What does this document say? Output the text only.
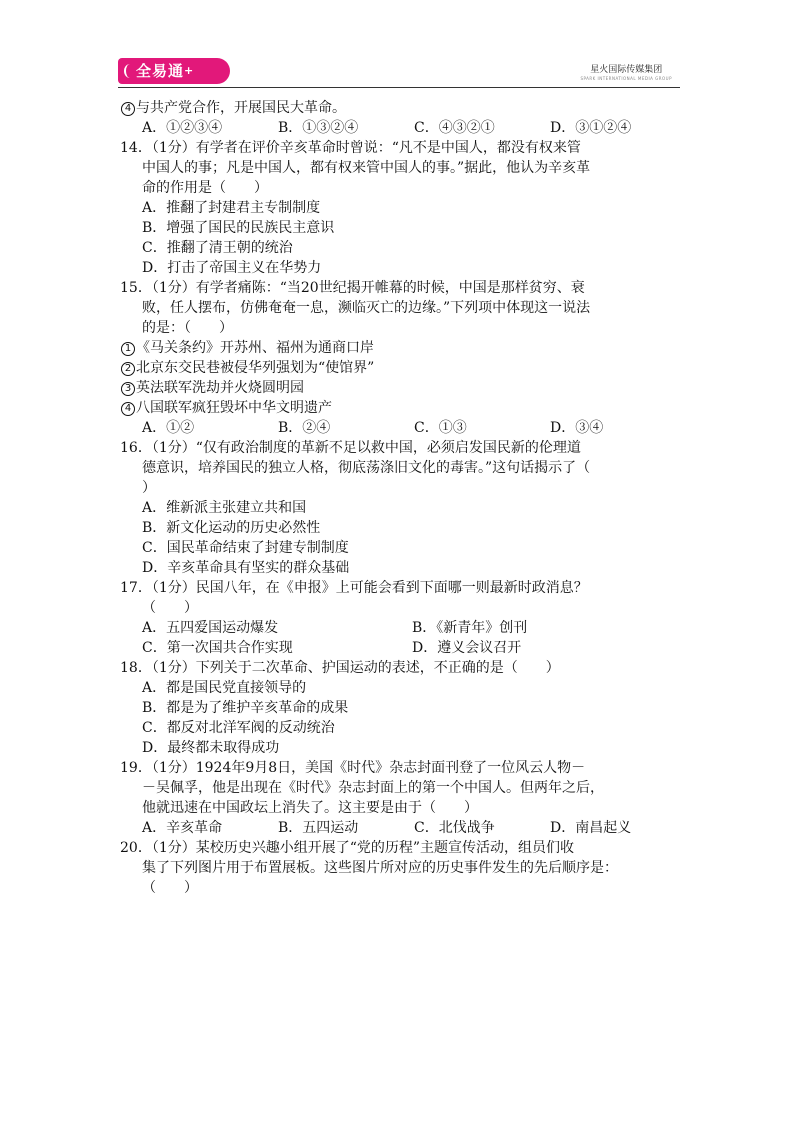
全易通+	星火国际传媒集团
SPARK INTERNATIONAL MEDIA GROUP
4 与共产党合作，开展国民大革命。
A．①②③④	B．①③②④	C．④③②①	D．③①②④
14．（1分）有学者在评价辛亥革命时曾说：“凡不是中国人，都没有权来管
中国人的事；凡是中国人，都有权来管中国人的事。”据此，他认为辛亥革
命的作用是（　　）
A．推翻了封建君主专制制度
B．增强了国民的民族民主意识
C．推翻了清王朝的统治
D．打击了帝国主义在华势力
15．（1分）有学者痛陈：“当20世纪揭开帷幕的时候，中国是那样贫穷、衰
败，任人摆布，仿佛奄奄一息，濒临灭亡的边缘。”下列项中体现这一说法
的是：（　　）
1 《马关条约》开苏州、福州为通商口岸
2 北京东交民巷被侵华列强划为“使馆界”
3 英法联军洗劫并火烧圆明园
4 八国联军疯狂毁坏中华文明遗产
A．①②	B．②④	C．①③	D．③④
16．（1分）“仅有政治制度的革新不足以救中国，必须启发国民新的伦理道
德意识，培养国民的独立人格，彻底荡涤旧文化的毒害。”这句话揭示了（
）
A．维新派主张建立共和国
B．新文化运动的历史必然性
C．国民革命结束了封建专制制度
D．辛亥革命具有坚实的群众基础
17．（1分）民国八年，在《申报》上可能会看到下面哪一则最新时政消息？
（　　）
A．五四爱国运动爆发	B．《新青年》创刊
C．第一次国共合作实现	D．遵义会议召开
18．（1分）下列关于二次革命、护国运动的表述，不正确的是（　　）
A．都是国民党直接领导的
B．都是为了维护辛亥革命的成果
C．都反对北洋军阀的反动统治
D．最终都未取得成功
19．（1分）1924年9月8日，美国《时代》杂志封面刊登了一位风云人物－
－吴佩孚，他是出现在《时代》杂志封面上的第一个中国人。但两年之后，
他就迅速在中国政坛上消失了。这主要是由于（　　）
A．辛亥革命	B．五四运动	C．北伐战争	D．南昌起义
20．（1分）某校历史兴趣小组开展了“党的历程”主题宣传活动，组员们收
集了下列图片用于布置展板。这些图片所对应的历史事件发生的先后顺序是：
（　　）
